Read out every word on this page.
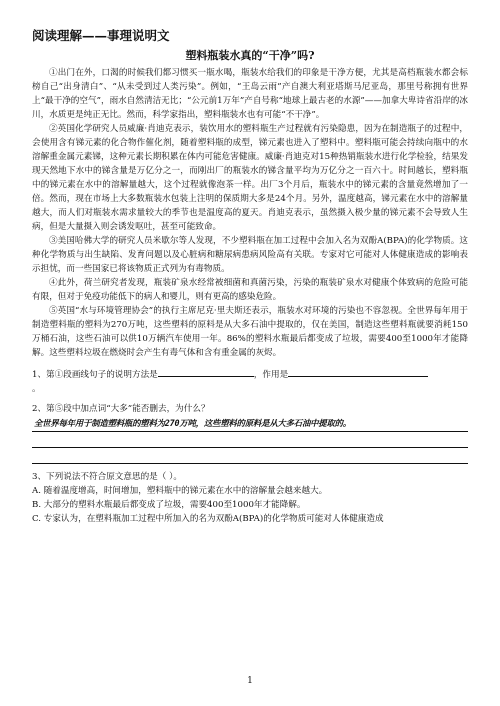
阅读理解——事理说明文
塑料瓶装水真的“干净”吗?

①出门在外，口渴的时候我们都习惯买一瓶水喝，瓶装水给我们的印象是干净方便，尤其是高档瓶装水都会标榜自己“出身清白”、“从未受到过人类污染”。例如，“王岛云雨”产自澳大利亚塔斯马尼亚岛，那里号称拥有世界上“最干净的空气”，雨水自然清洁无比；“公元前1万年”产自号称“地球上最古老的水源”——加拿大卑诗省沿岸的冰川，水质更是纯正无比。然而，科学家指出，塑料瓶装水也有可能“不干净”。

②英国化学研究人员威廉·肖迪克表示，装饮用水的塑料瓶生产过程就有污染隐患，因为在制造瓶子的过程中，会使用含有锑元素的化合物作催化剂，随着塑料瓶的成型，锑元素也进入了塑料中。塑料瓶可能会持续向瓶中的水溶解重金属元素锑，这种元素长期积累在体内可能危害健康。威廉·肖迪克对15种热销瓶装水进行化学检验，结果发现天然地下水中的锑含量是万亿分之一，而刚出厂的瓶装水的锑含量平均为万亿分之一百六十。时间越长，塑料瓶中的锑元素在水中的溶解量越大，这个过程就像泡茶一样。出厂3个月后，瓶装水中的锑元素的含量竟然增加了一倍。然而，现在市场上大多数瓶装水包装上注明的保质期大多是24个月。另外，温度越高，锑元素在水中的溶解量越大，而人们对瓶装水需求量较大的季节也是温度高的夏天。肖迪克表示，虽然摄入极少量的锑元素不会导致人生病，但是大量摄入则会诱发呕吐，甚至可能致命。

③美国哈佛大学的研究人员米歇尔等人发现，不少塑料瓶在加工过程中会加入名为双酚A(BPA)的化学物质。这种化学物质与出生缺陷、发育问题以及心脏病和糖尿病患病风险高有关联。专家对它可能对人体健康造成的影响表示担忧，而一些国家已将该物质正式列为有毒物质。

④此外，荷兰研究者发现，瓶装矿泉水经常被细菌和真菌污染，污染的瓶装矿泉水对健康个体致病的危险可能有限，但对于免疫功能低下的病人和婴儿，则有更高的感染危险。

⑤英国“水与环境管理协会”的执行主席尼克·里夫斯还表示，瓶装水对环境的污染也不容忽视。全世界每年用于制造塑料瓶的塑料为270万吨，这些塑料的原料是从大多石油中提取的，仅在美国，制造这些塑料瓶就要消耗150万桶石油，这些石油可以供10万辆汽车使用一年。86%的塑料水瓶最后都变成了垃圾，需要400至1000年才能降解。这些塑料垃圾在燃烧时会产生有毒气体和含有重金属的灰烬。

1、第①段画线句子的说明方法是	，作用是

。

2、第⑤段中加点词“大多”能否删去，为什么？

全世界每年用于制造塑料瓶的塑料为270万吨，这些塑料的原料是从大多石油中提取的。

3、下列说法不符合原文意思的是（ ）。

A. 随着温度增高，时间增加，塑料瓶中的锑元素在水中的溶解量会越来越大。

B. 大部分的塑料水瓶最后都变成了垃圾，需要400至1000年才能降解。

C. 专家认为，在塑料瓶加工过程中所加入的名为双酚A(BPA)的化学物质可能对人体健康造成

1
